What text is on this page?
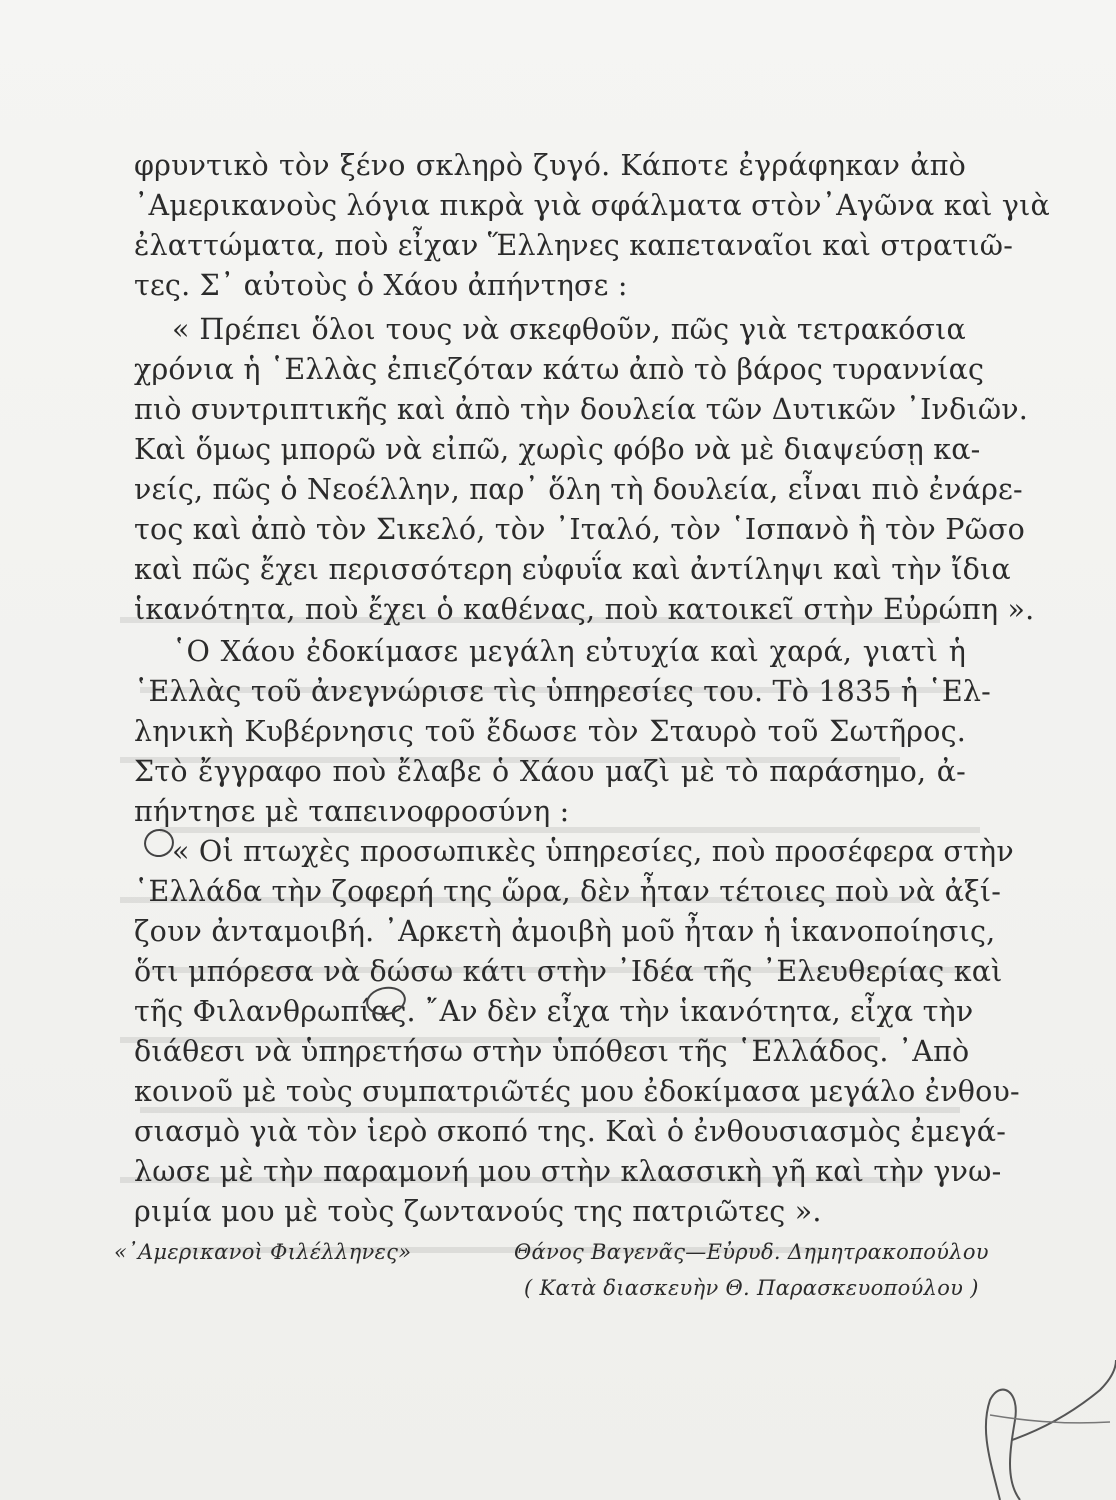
φρυντικὸ τὸν ξένο σκληρὸ ζυγό. Κάποτε ἐγράφηκαν ἀπὸ
᾿Αμερικανοὺς λόγια πικρὰ γιὰ σφάλματα στὸν᾿Αγῶνα καὶ γιὰ
ἐλαττώματα, ποὺ εἶχαν Ἕλληνες καπεταναῖοι καὶ στρατιῶ-
τες. Σ᾿ αὐτοὺς ὁ Χάου ἀπήντησε :
« Πρέπει ὅλοι τους νὰ σκεφθοῦν, πῶς γιὰ τετρακόσια
χρόνια ἡ ῾Ελλὰς ἐπιεζόταν κάτω ἀπὸ τὸ βάρος τυραννίας
πιὸ συντριπτικῆς καὶ ἀπὸ τὴν δουλεία τῶν Δυτικῶν ᾿Ινδιῶν.
Καὶ ὅμως μπορῶ νὰ εἰπῶ, χωρὶς φόβο νὰ μὲ διαψεύσῃ κα-
νείς, πῶς ὁ Νεοέλλην, παρ᾿ ὅλη τὴ δουλεία, εἶναι πιὸ ἐνάρε-
τος καὶ ἀπὸ τὸν Σικελό, τὸν ᾿Ιταλό, τὸν ῾Ισπανὸ ἢ τὸν Ρῶσο
καὶ πῶς ἔχει περισσότερη εὐφυΐα καὶ ἀντίληψι καὶ τὴν ἴδια
ἱκανότητα, ποὺ ἔχει ὁ καθένας, ποὺ κατοικεῖ στὴν Εὐρώπη ».
῾Ο Χάου ἐδοκίμασε μεγάλη εὐτυχία καὶ χαρά, γιατὶ ἡ
῾Ελλὰς τοῦ ἀνεγνώρισε τὶς ὑπηρεσίες του. Τὸ 1835 ἡ ῾Ελ-
ληνικὴ Κυβέρνησις τοῦ ἔδωσε τὸν Σταυρὸ τοῦ Σωτῆρος.
Στὸ ἔγγραφο ποὺ ἔλαβε ὁ Χάου μαζὶ μὲ τὸ παράσημο, ἀ-
πήντησε μὲ ταπεινοφροσύνη :
« Οἱ πτωχὲς προσωπικὲς ὑπηρεσίες, ποὺ προσέφερα στὴν
῾Ελλάδα τὴν ζοφερή της ὥρα, δὲν ἦταν τέτοιες ποὺ νὰ ἀξί-
ζουν ἀνταμοιβή. ᾿Αρκετὴ ἀμοιβὴ μοῦ ἦταν ἡ ἱκανοποίησις,
ὅτι μπόρεσα νὰ δώσω κάτι στὴν ᾿Ιδέα τῆς ᾿Ελευθερίας καὶ
τῆς Φιλανθρωπίας. ῎Αν δὲν εἶχα τὴν ἱκανότητα, εἶχα τὴν
διάθεσι νὰ ὑπηρετήσω στὴν ὑπόθεσι τῆς ῾Ελλάδος. ᾿Απὸ
κοινοῦ μὲ τοὺς συμπατριῶτές μου ἐδοκίμασα μεγάλο ἐνθου-
σιασμὸ γιὰ τὸν ἱερὸ σκοπό της. Καὶ ὁ ἐνθουσιασμὸς ἐμεγά-
λωσε μὲ τὴν παραμονή μου στὴν κλασσικὴ γῆ καὶ τὴν γνω-
ριμία μου μὲ τοὺς ζωντανούς της πατριῶτες ».
«᾿Αμερικανοὶ Φιλέλληνες»	Θάνος Βαγενᾶς—Εὐρυδ. Δημητρακοπούλου
( Κατὰ διασκευὴν Θ. Παρασκευοπούλου )
